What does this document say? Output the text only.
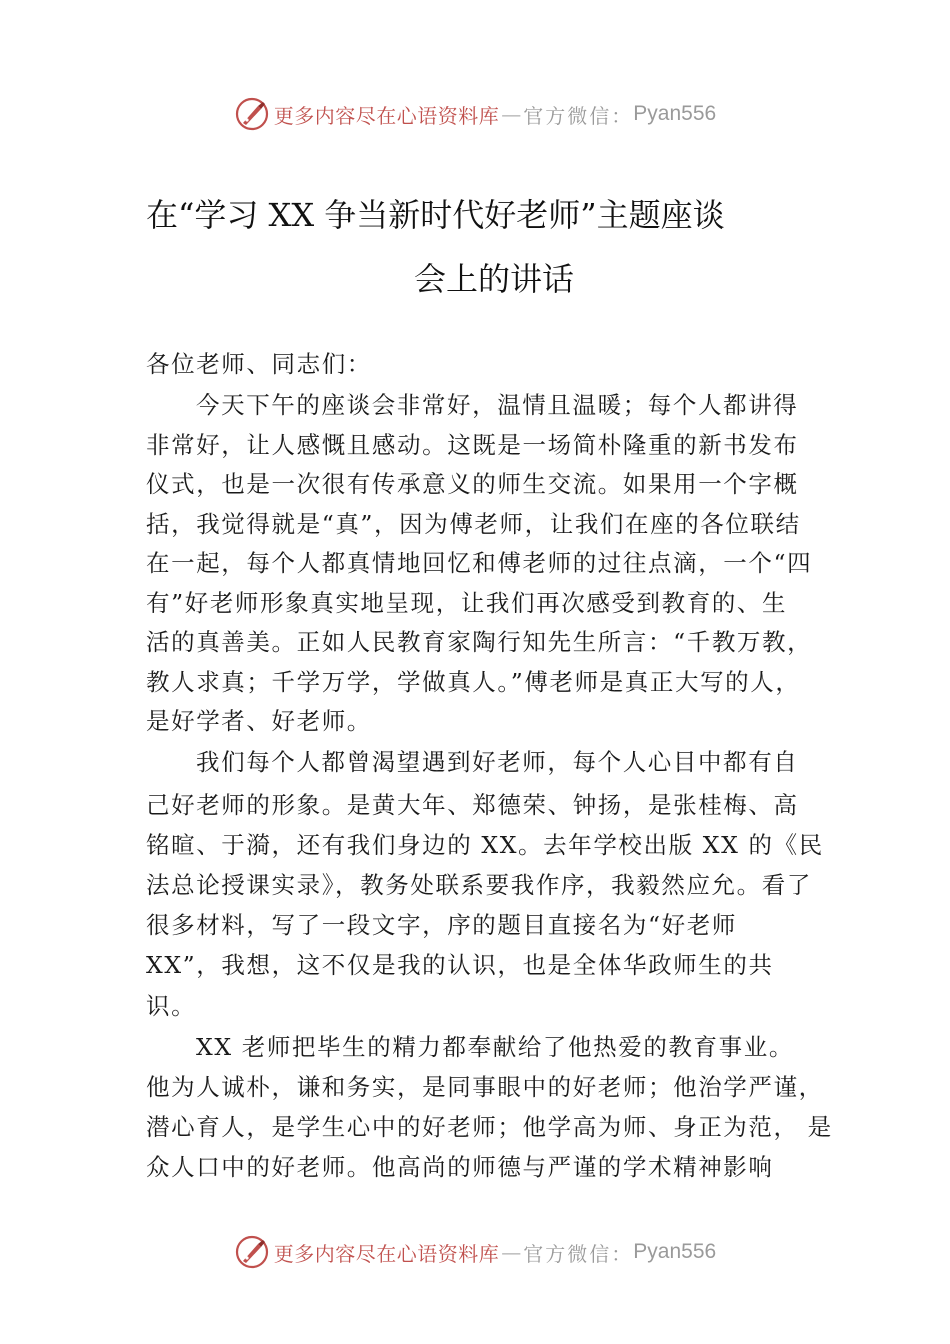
更多内容尽在心语资料库 — 官方微信： Pyan556
在“学习 XX 争当新时代好老师”主题座谈
会上的讲话
各位老师、同志们：
今天下午的座谈会非常好，温情且温暖；每个人都讲得
非常好，让人感慨且感动。这既是一场简朴隆重的新书发布
仪式，也是一次很有传承意义的师生交流。如果用一个字概
括，我觉得就是“真”，因为傅老师，让我们在座的各位联结
在一起，每个人都真情地回忆和傅老师的过往点滴，一个“四
有”好老师形象真实地呈现，让我们再次感受到教育的、生
活的真善美。正如人民教育家陶行知先生所言：“千教万教，
教人求真；千学万学，学做真人。”傅老师是真正大写的人，
是好学者、好老师。
我们每个人都曾渴望遇到好老师，每个人心目中都有自
己好老师的形象。是黄大年、郑德荣、钟扬，是张桂梅、高
铭暄、于漪，还有我们身边的 XX。去年学校出版 XX 的《民
法总论授课实录》，教务处联系要我作序，我毅然应允。看了
很多材料，写了一段文字，序的题目直接名为“好老师
XX”，我想，这不仅是我的认识，也是全体华政师生的共
识。
XX 老师把毕生的精力都奉献给了他热爱的教育事业。
他为人诚朴，谦和务实，是同事眼中的好老师；他治学严谨，
潜心育人，是学生心中的好老师；他学高为师、身正为范， 是
众人口中的好老师。他高尚的师德与严谨的学术精神影响
更多内容尽在心语资料库 — 官方微信： Pyan556
